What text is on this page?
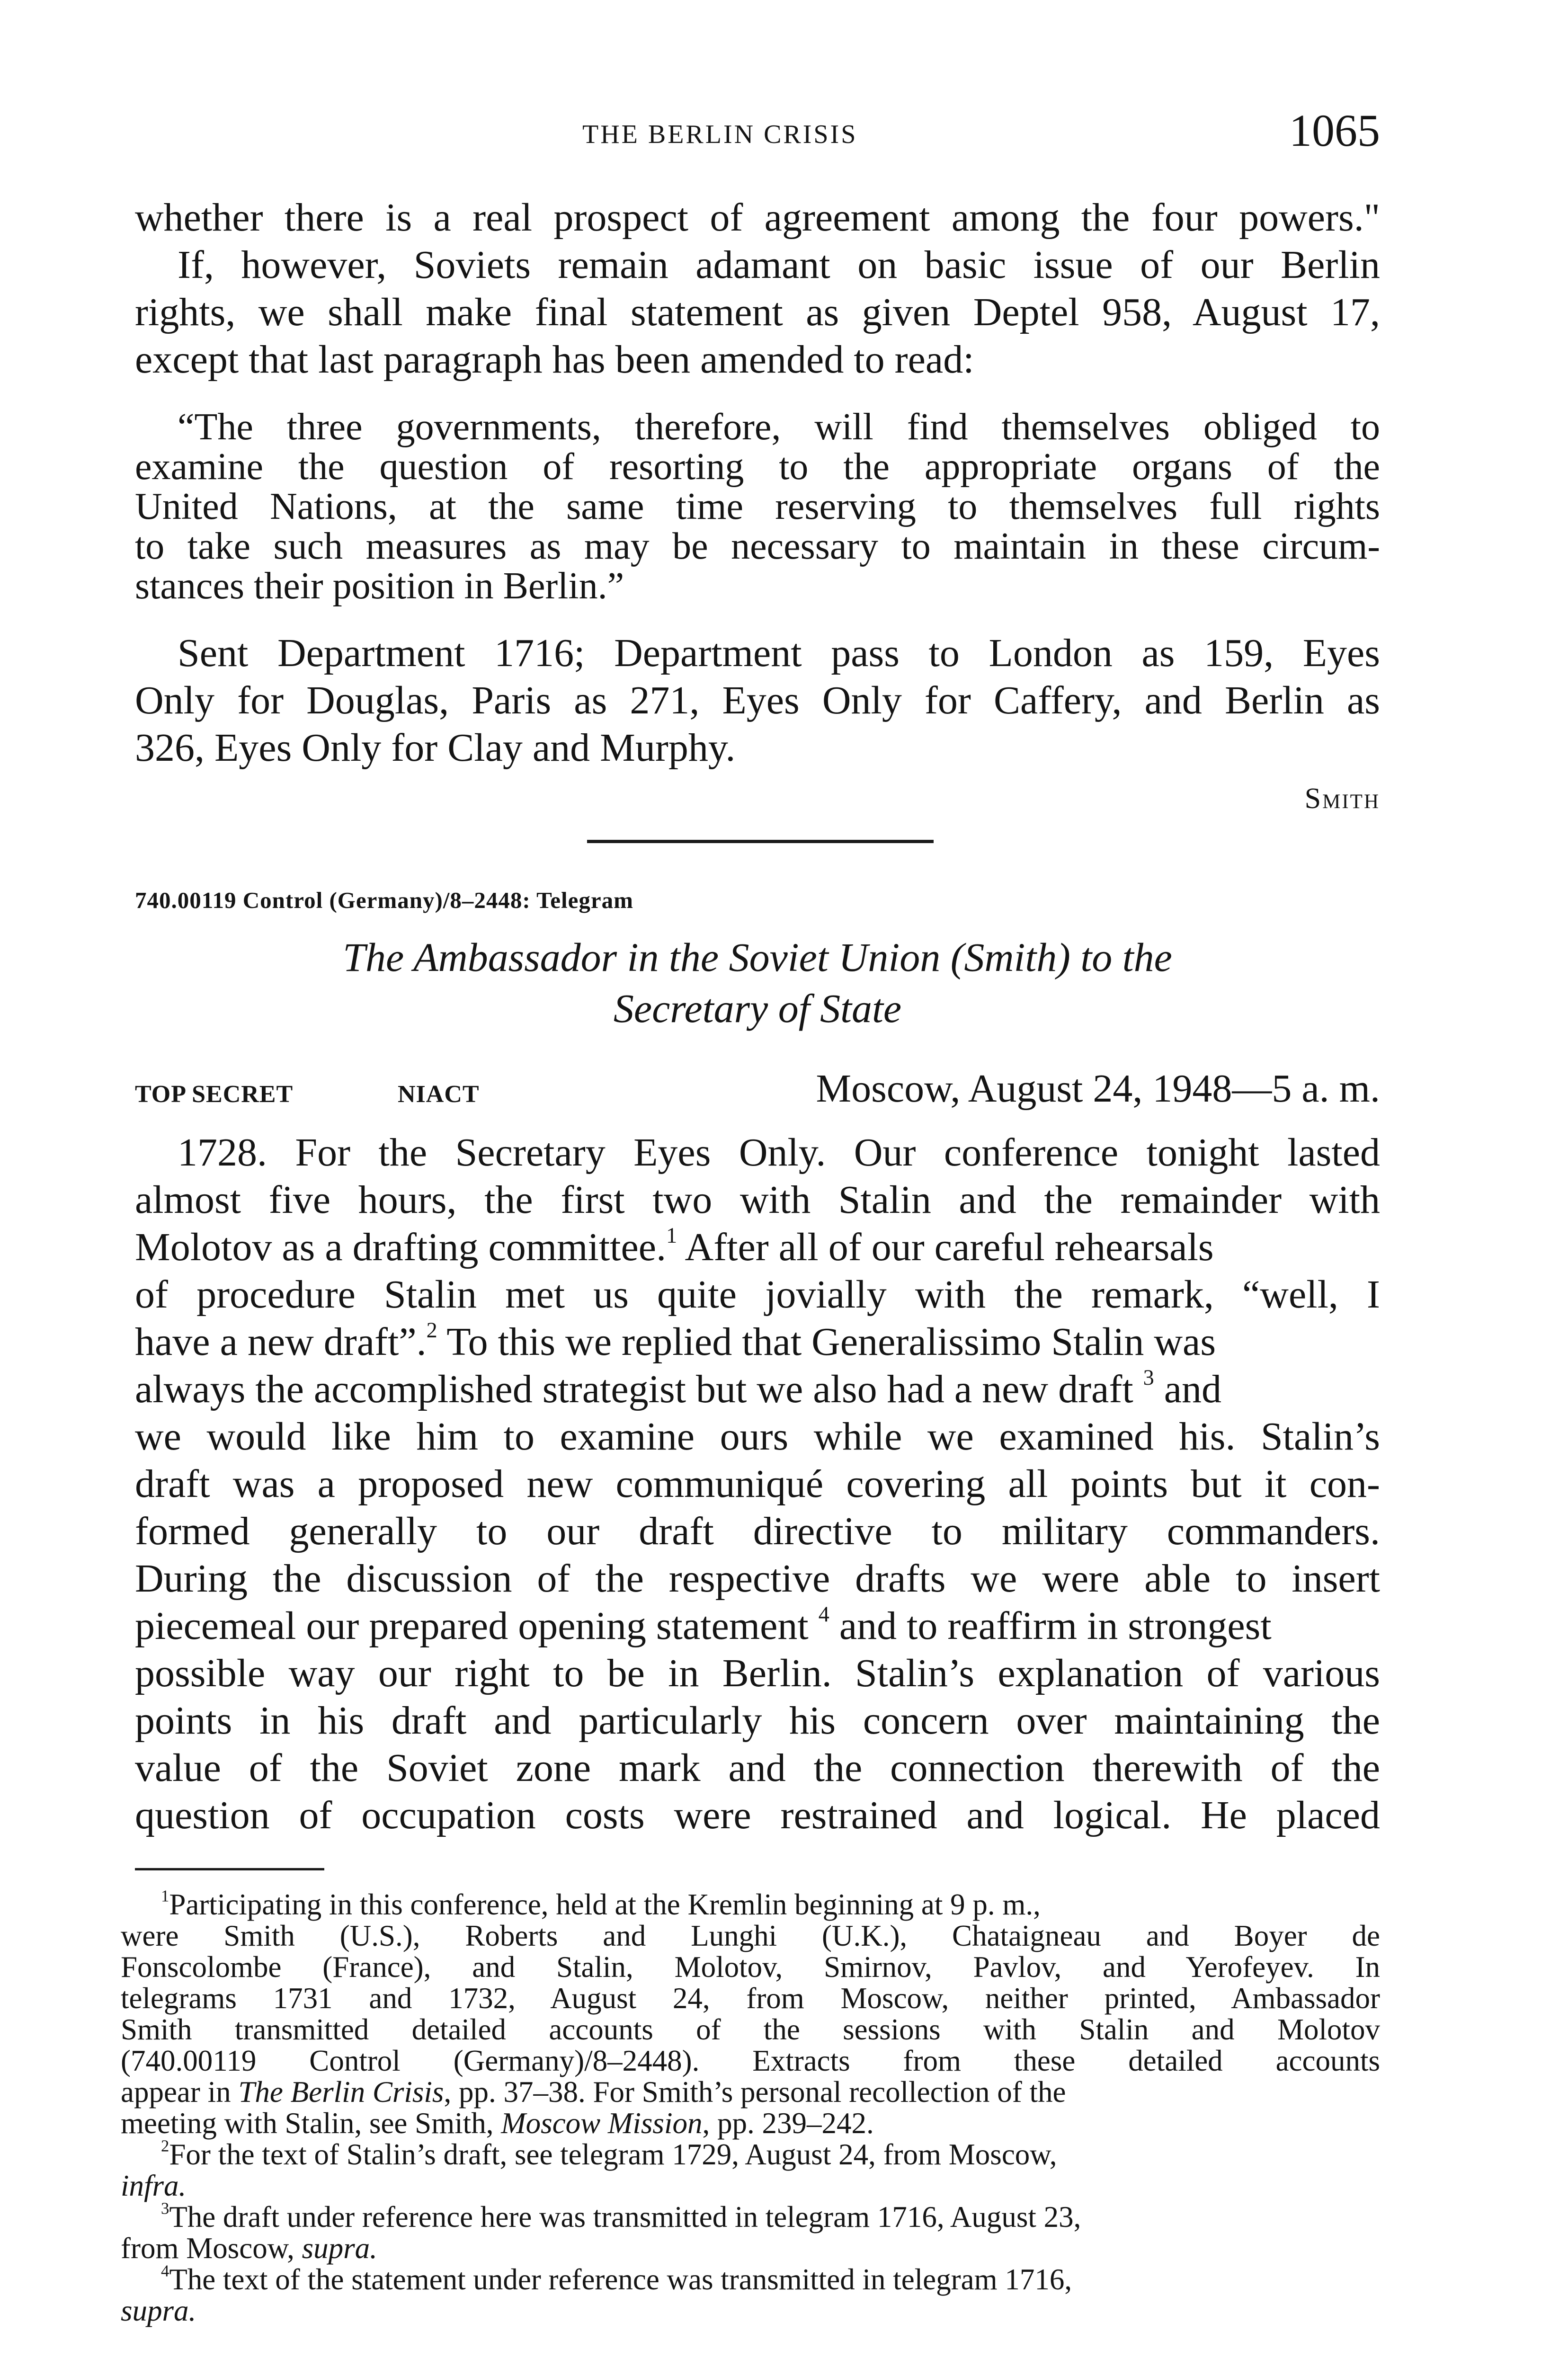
THE BERLIN CRISIS	1065
whether there is a real prospect of agreement among the four powers."
If, however, Soviets remain adamant on basic issue of our Berlin
rights, we shall make final statement as given Deptel 958, August 17,
except that last paragraph has been amended to read:
“The three governments, therefore, will find themselves obliged to
examine the question of resorting to the appropriate organs of the
United Nations, at the same time reserving to themselves full rights
to take such measures as may be necessary to maintain in these circum-
stances their position in Berlin.”
Sent Department 1716; Department pass to London as 159, Eyes
Only for Douglas, Paris as 271, Eyes Only for Caffery, and Berlin as
326, Eyes Only for Clay and Murphy.
Smith
740.00119 Control (Germany)/8–2448: Telegram
The Ambassador in the Soviet Union (Smith) to the
Secretary of State
TOP SECRET	NIACT	Moscow, August 24, 1948—5 a. m.
1728. For the Secretary Eyes Only. Our conference tonight lasted
almost five hours, the first two with Stalin and the remainder with
Molotov as a drafting committee.$^1$ After all of our careful rehearsals
of procedure Stalin met us quite jovially with the remark, “well, I
have a new draft”.$^2$ To this we replied that Generalissimo Stalin was
always the accomplished strategist but we also had a new draft $^3$ and
we would like him to examine ours while we examined his. Stalin’s
draft was a proposed new communiqué covering all points but it con-
formed generally to our draft directive to military commanders.
During the discussion of the respective drafts we were able to insert
piecemeal our prepared opening statement $^4$ and to reaffirm in strongest
possible way our right to be in Berlin. Stalin’s explanation of various
points in his draft and particularly his concern over maintaining the
value of the Soviet zone mark and the connection therewith of the
question of occupation costs were restrained and logical. He placed
$^1$Participating in this conference, held at the Kremlin beginning at 9 p. m.,
were Smith (U.S.), Roberts and Lunghi (U.K.), Chataigneau and Boyer de
Fonscolombe (France), and Stalin, Molotov, Smirnov, Pavlov, and Yerofeyev. In
telegrams 1731 and 1732, August 24, from Moscow, neither printed, Ambassador
Smith transmitted detailed accounts of the sessions with Stalin and Molotov
(740.00119 Control (Germany)/8–2448). Extracts from these detailed accounts
appear in The Berlin Crisis, pp. 37–38. For Smith’s personal recollection of the
meeting with Stalin, see Smith, Moscow Mission, pp. 239–242.
$^2$For the text of Stalin’s draft, see telegram 1729, August 24, from Moscow,
infra.
$^3$The draft under reference here was transmitted in telegram 1716, August 23,
from Moscow, supra.
$^4$The text of the statement under reference was transmitted in telegram 1716,
supra.
